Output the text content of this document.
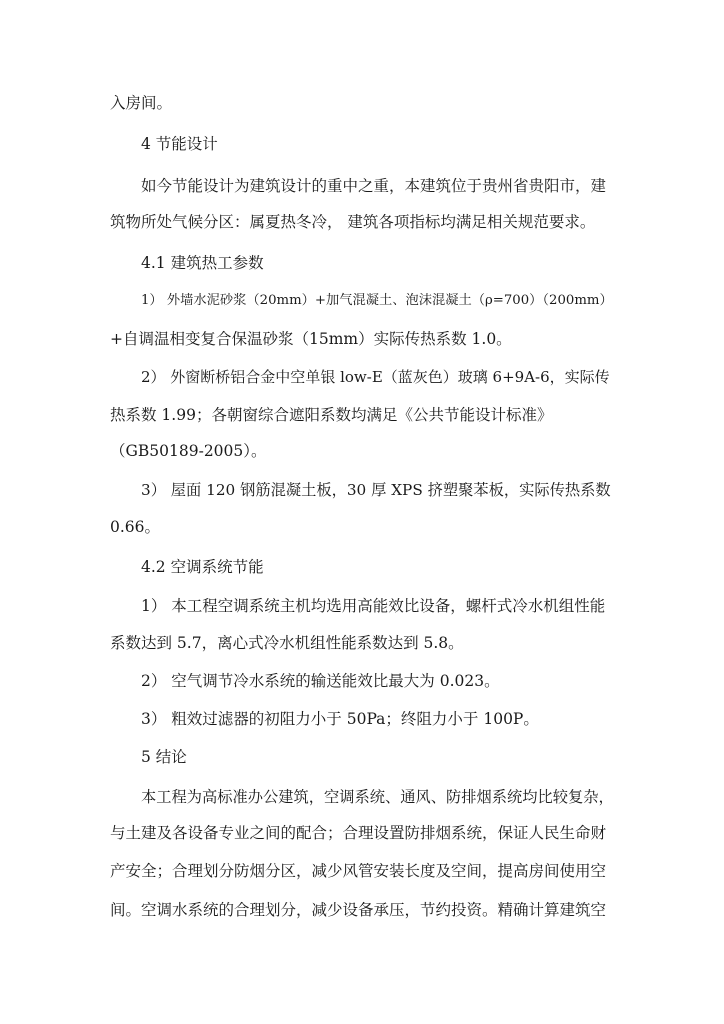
入房间。
4 节能设计
如今节能设计为建筑设计的重中之重，本建筑位于贵州省贵阳市，建
筑物所处气候分区：属夏热冬冷， 建筑各项指标均满足相关规范要求。
4.1 建筑热工参数
1） 外墙水泥砂浆（20mm）+加气混凝土、泡沫混凝土（ρ=700）（200mm）
+自调温相变复合保温砂浆（15mm）实际传热系数 1.0。
2） 外窗断桥铝合金中空单银 low-E（蓝灰色）玻璃 6+9A-6，实际传
热系数 1.99；各朝窗综合遮阳系数均满足《公共节能设计标准》
（GB50189-2005）。
3） 屋面 120 钢筋混凝土板，30 厚 XPS 挤塑聚苯板，实际传热系数
0.66。
4.2 空调系统节能
1） 本工程空调系统主机均选用高能效比设备，螺杆式冷水机组性能
系数达到 5.7，离心式冷水机组性能系数达到 5.8。
2） 空气调节冷水系统的输送能效比最大为 0.023。
3） 粗效过滤器的初阻力小于 50Pa；终阻力小于 100P。
5 结论
本工程为高标准办公建筑，空调系统、通风、防排烟系统均比较复杂，
与土建及各设备专业之间的配合；合理设置防排烟系统，保证人民生命财
产安全；合理划分防烟分区，减少风管安装长度及空间，提高房间使用空
间。空调水系统的合理划分，减少设备承压，节约投资。精确计算建筑空
